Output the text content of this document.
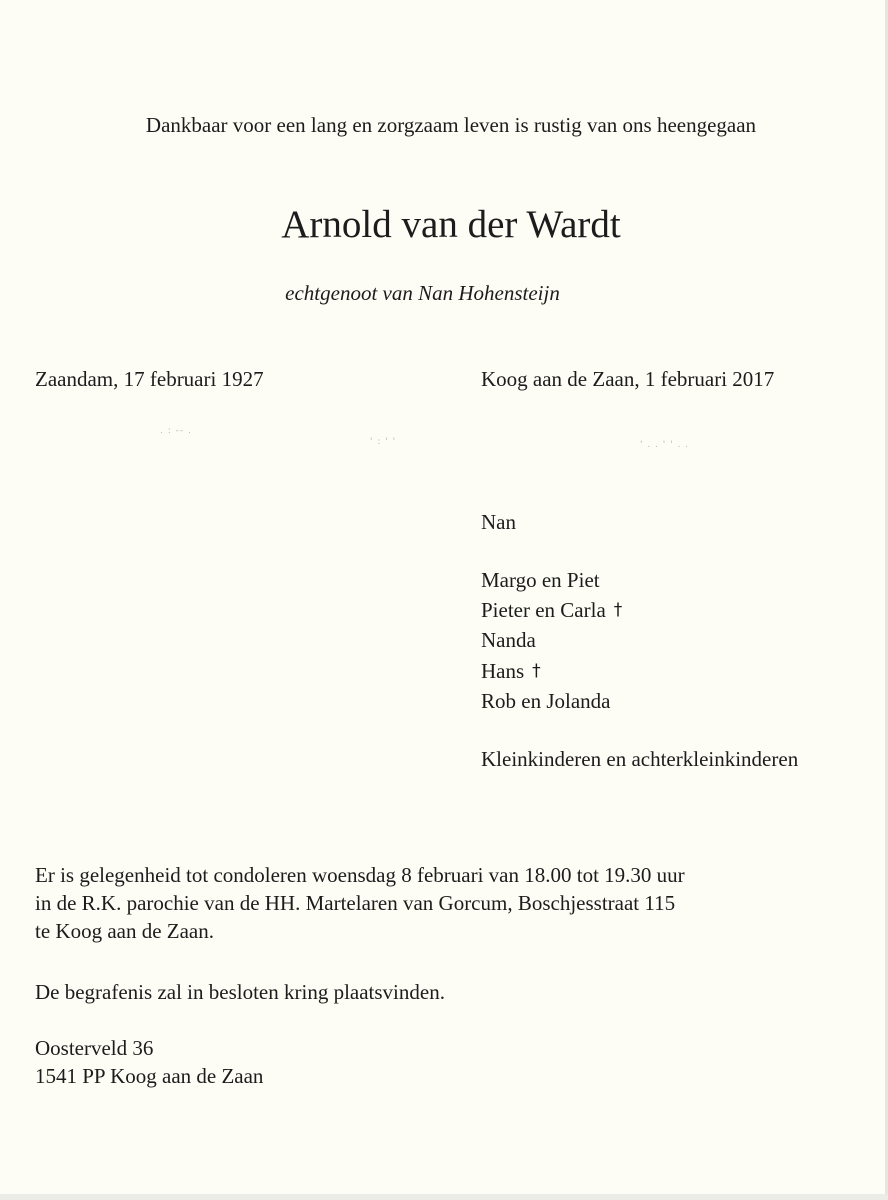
. : -- .
' : ' '	' . . ' ' . .
Dankbaar voor een lang en zorgzaam leven is rustig van ons heengegaan
Arnold van der Wardt
echtgenoot van Nan Hohensteijn
Zaandam, 17 februari 1927	Koog aan de Zaan, 1 februari 2017
Nan
Margo en Piet
Pieter en Carla †
Nanda
Hans †
Rob en Jolanda
Kleinkinderen en achterkleinkinderen
Er is gelegenheid tot condoleren woensdag 8 februari van 18.00 tot 19.30 uur
in de R.K. parochie van de HH. Martelaren van Gorcum, Boschjesstraat 115
te Koog aan de Zaan.
De begrafenis zal in besloten kring plaatsvinden.
Oosterveld 36
1541 PP Koog aan de Zaan
